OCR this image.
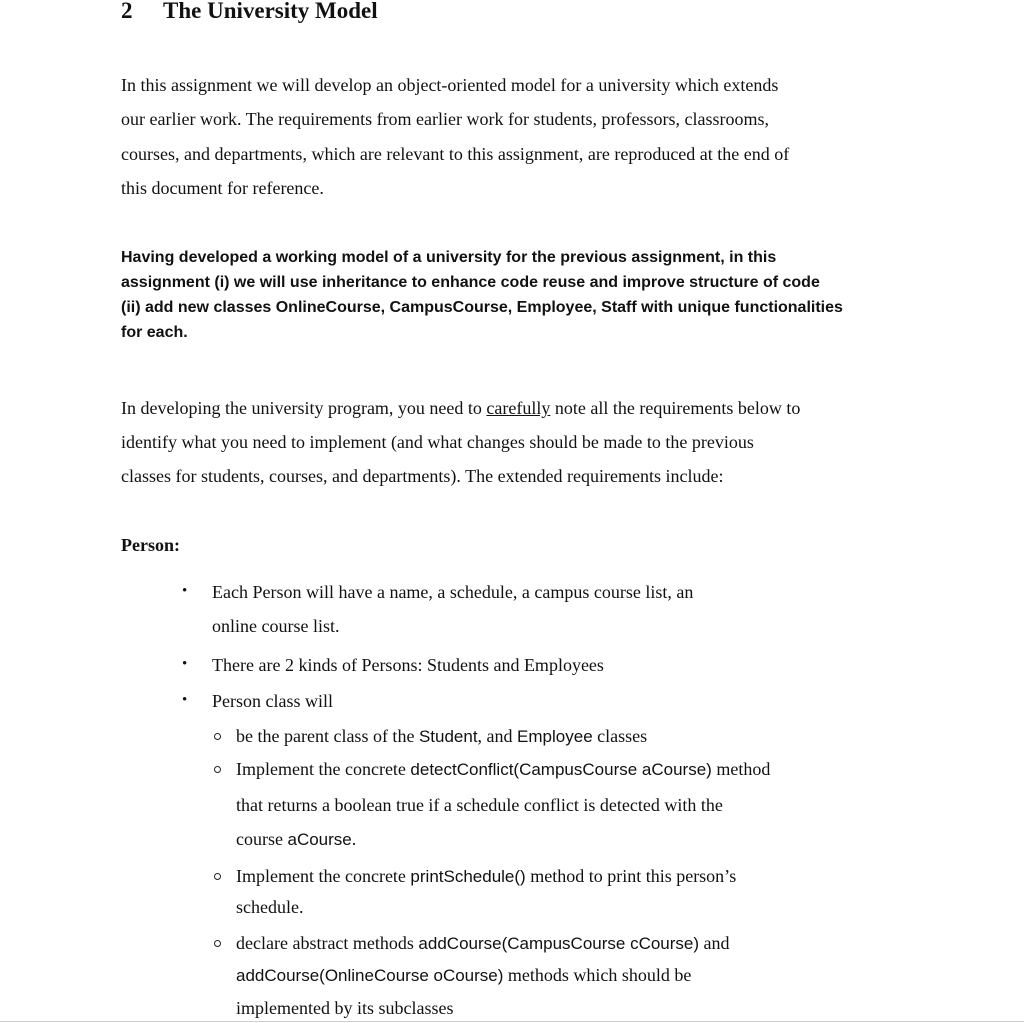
2 The University Model
In this assignment we will develop an object-oriented model for a university which extends
our earlier work. The requirements from earlier work for students, professors, classrooms,
courses, and departments, which are relevant to this assignment, are reproduced at the end of
this document for reference.
Having developed a working model of a university for the previous assignment, in this
assignment (i) we will use inheritance to enhance code reuse and improve structure of code
(ii) add new classes OnlineCourse, CampusCourse, Employee, Staff with unique functionalities
for each.
In developing the university program, you need to carefully note all the requirements below to
identify what you need to implement (and what changes should be made to the previous
classes for students, courses, and departments). The extended requirements include:
Person:
• Each Person will have a name, a schedule, a campus course list, an
online course list.
• There are 2 kinds of Persons: Students and Employees
• Person class will
be the parent class of the Student, and Employee classes
Implement the concrete detectConflict(CampusCourse aCourse) method
that returns a boolean true if a schedule conflict is detected with the
course aCourse.
Implement the concrete printSchedule() method to print this person’s
schedule.
declare abstract methods addCourse(CampusCourse cCourse) and
addCourse(OnlineCourse oCourse) methods which should be
implemented by its subclasses
